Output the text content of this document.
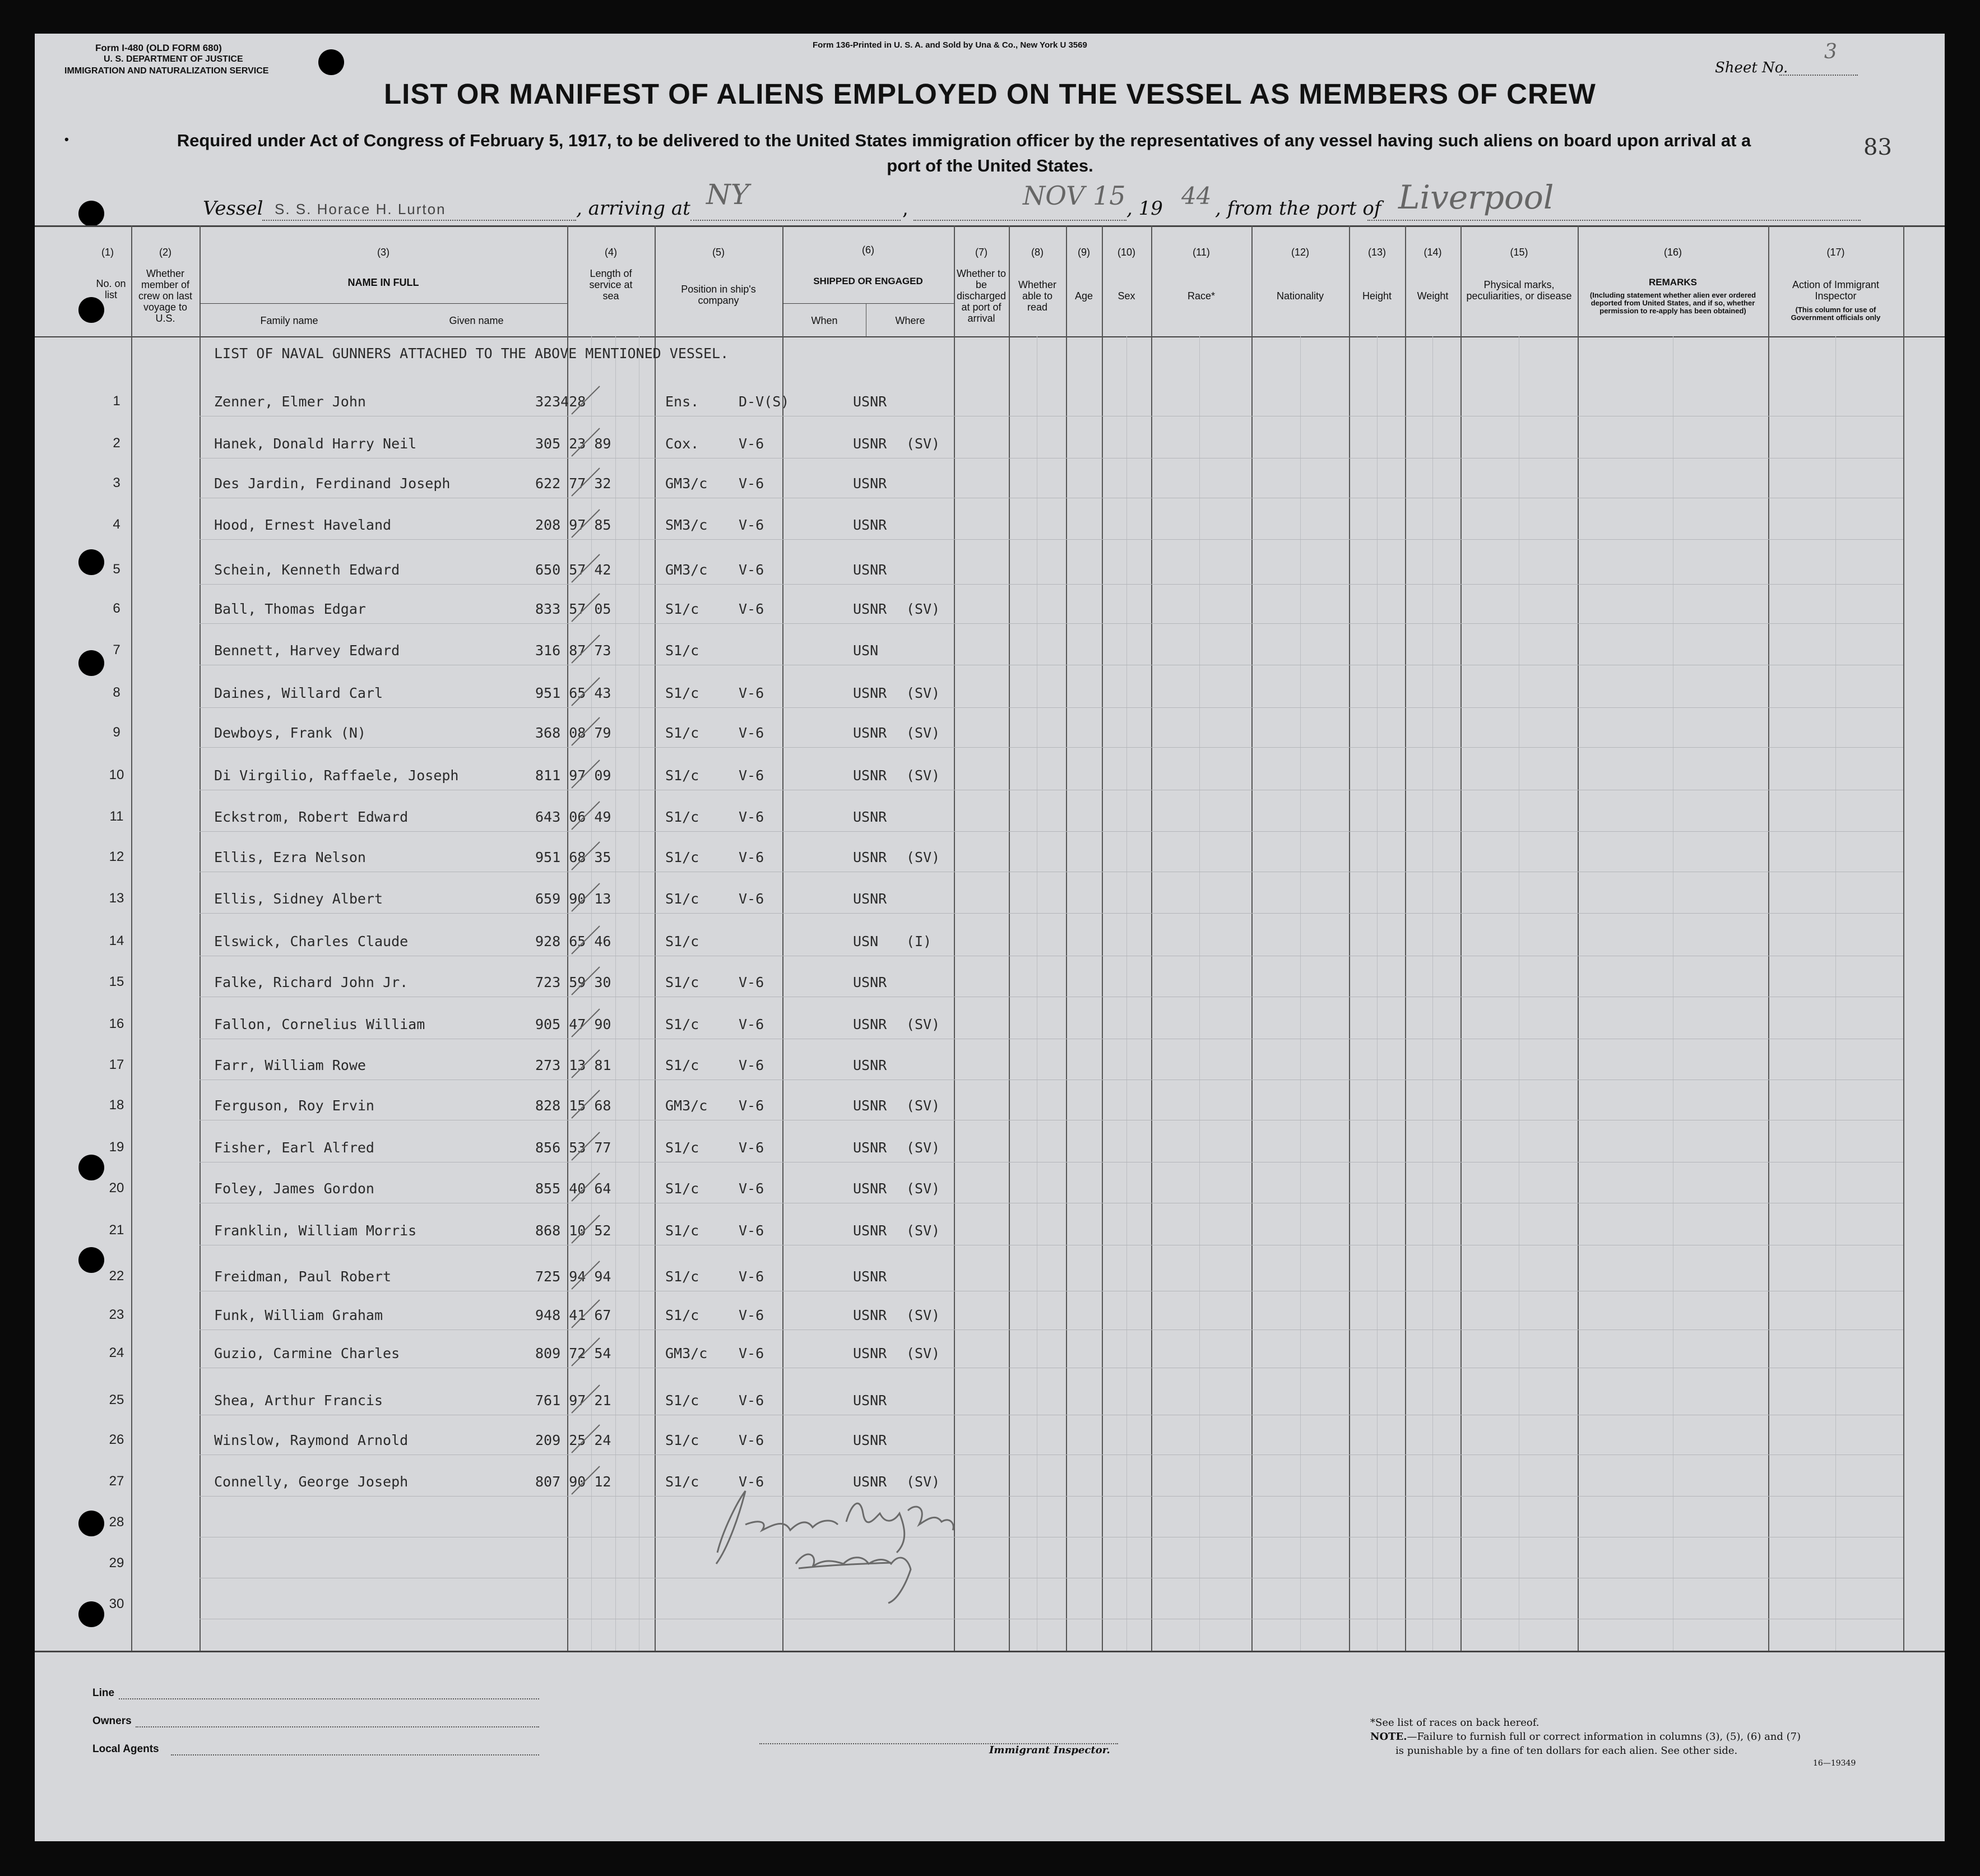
Form I-480 (OLD FORM 680)
U. S. DEPARTMENT OF JUSTICE
IMMIGRATION AND NATURALIZATION SERVICE
Form 136-Printed in U. S. A. and Sold by Una & Co., New York U 3569
Sheet No.
3
83
LIST OR MANIFEST OF ALIENS EMPLOYED ON THE VESSEL AS MEMBERS OF CREW
Required under Act of Congress of February 5, 1917, to be delivered to the United States immigration officer by the representatives of any vessel having such aliens on board upon arrival at a
port of the United States.
•
Vessel S. S. Horace H. Lurton	, arriving at NY	,	NOV 15 , 19 44 , from the port of Liverpool
(1)
No. on list
(2)
Whether member of crew on last voyage to U.S.
(3)
NAME IN FULL
Family name	Given name
(4)
Length of service at sea
(5)
Position in ship's company
(6)
SHIPPED OR ENGAGED
When	Where
(7)
Whether to be discharged at port of arrival
(8)
Whether able to read
(9)
Age
(10)
Sex
(11)
Race*
(12)
Nationality
(13)
Height
(14)
Weight
(15)
Physical marks, peculiarities, or disease
(16)
REMARKS
(Including statement whether alien ever ordered deported from United States, and if so, whether permission to re-apply has been obtained)
(17)
Action of Immigrant Inspector
(This column for use of Government officials only
LIST OF NAVAL GUNNERS ATTACHED TO THE ABOVE MENTIONED VESSEL.
1	Zenner, Elmer John	323428	Ens.	D-V(S)	USNR
2	Hanek, Donald Harry Neil	305 23 89	Cox.	V-6	USNR (SV)
3	Des Jardin, Ferdinand Joseph	622 77 32	GM3/c V-6	USNR
4	Hood, Ernest Haveland	208 97 85	SM3/c V-6	USNR
5	Schein, Kenneth Edward	650 57 42	GM3/c V-6	USNR
6	Ball, Thomas Edgar	833 57 05	S1/c	V-6	USNR (SV)
7	Bennett, Harvey Edward	316 87 73	S1/c	USN
8	Daines, Willard Carl	951 65 43	S1/c	V-6	USNR (SV)
9	Dewboys, Frank (N)	368 08 79	S1/c	V-6	USNR (SV)
10	Di Virgilio, Raffaele, Joseph	811 97 09	S1/c	V-6	USNR (SV)
11	Eckstrom, Robert Edward	643 06 49	S1/c	V-6	USNR
12	Ellis, Ezra Nelson	951 68 35	S1/c	V-6	USNR (SV)
13	Ellis, Sidney Albert	659 90 13	S1/c	V-6	USNR
14	Elswick, Charles Claude	928 65 46	S1/c	USN (I)
15	Falke, Richard John Jr.	723 59 30	S1/c	V-6	USNR
16	Fallon, Cornelius William	905 47 90	S1/c	V-6	USNR (SV)
17	Farr, William Rowe	273 13 81	S1/c	V-6	USNR
18	Ferguson, Roy Ervin	828 15 68	GM3/c V-6	USNR (SV)
19	Fisher, Earl Alfred	856 53 77	S1/c	V-6	USNR (SV)
20	Foley, James Gordon	855 40 64	S1/c	V-6	USNR (SV)
21	Franklin, William Morris	868 10 52	S1/c	V-6	USNR (SV)
22	Freidman, Paul Robert	725 94 94	S1/c	V-6	USNR
23	Funk, William Graham	948 41 67	S1/c	V-6	USNR (SV)
24	Guzio, Carmine Charles	809 72 54	GM3/c V-6	USNR (SV)
25	Shea, Arthur Francis	761 97 21	S1/c	V-6	USNR
26	Winslow, Raymond Arnold	209 25 24	S1/c	V-6	USNR
27	Connelly, George Joseph	807 90 12	S1/c	V-6	USNR (SV)
28
29
30
Line
Owners
Local Agents	Immigrant Inspector.
*See list of races on back hereof.
NOTE.—Failure to furnish full or correct information in columns (3), (5), (6) and (7)
is punishable by a fine of ten dollars for each alien. See other side.
16—19349
